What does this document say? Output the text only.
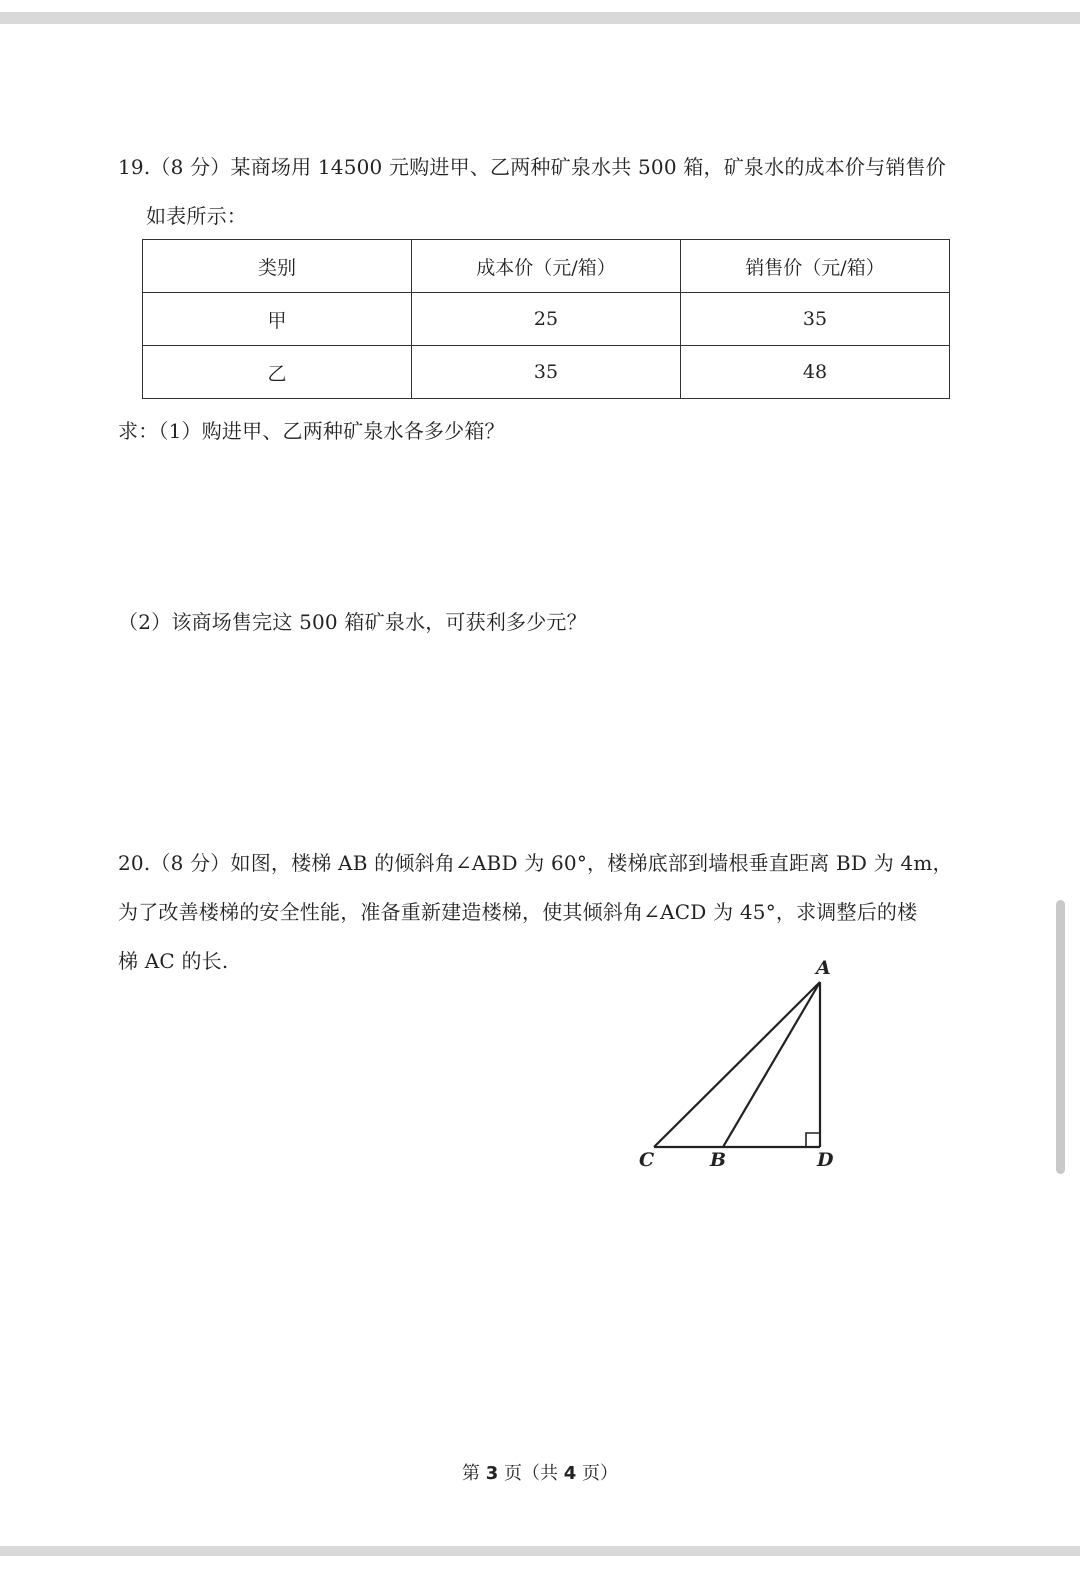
19.（8 分）某商场用 14500 元购进甲、乙两种矿泉水共 500 箱，矿泉水的成本价与销售价
如表所示：
类别	成本价（元/箱）	销售价（元/箱）
甲	25	35
乙	35	48
求：（1）购进甲、乙两种矿泉水各多少箱？
（2）该商场售完这 500 箱矿泉水，可获利多少元？
20.（8 分）如图，楼梯 AB 的倾斜角∠ABD 为 60°，楼梯底部到墙根垂直距离 BD 为 4m，
为了改善楼梯的安全性能，准备重新建造楼梯，使其倾斜角∠ACD 为 45°，求调整后的楼
梯 AC 的长.	A
B
C	D
第 3 页（共 4 页）
